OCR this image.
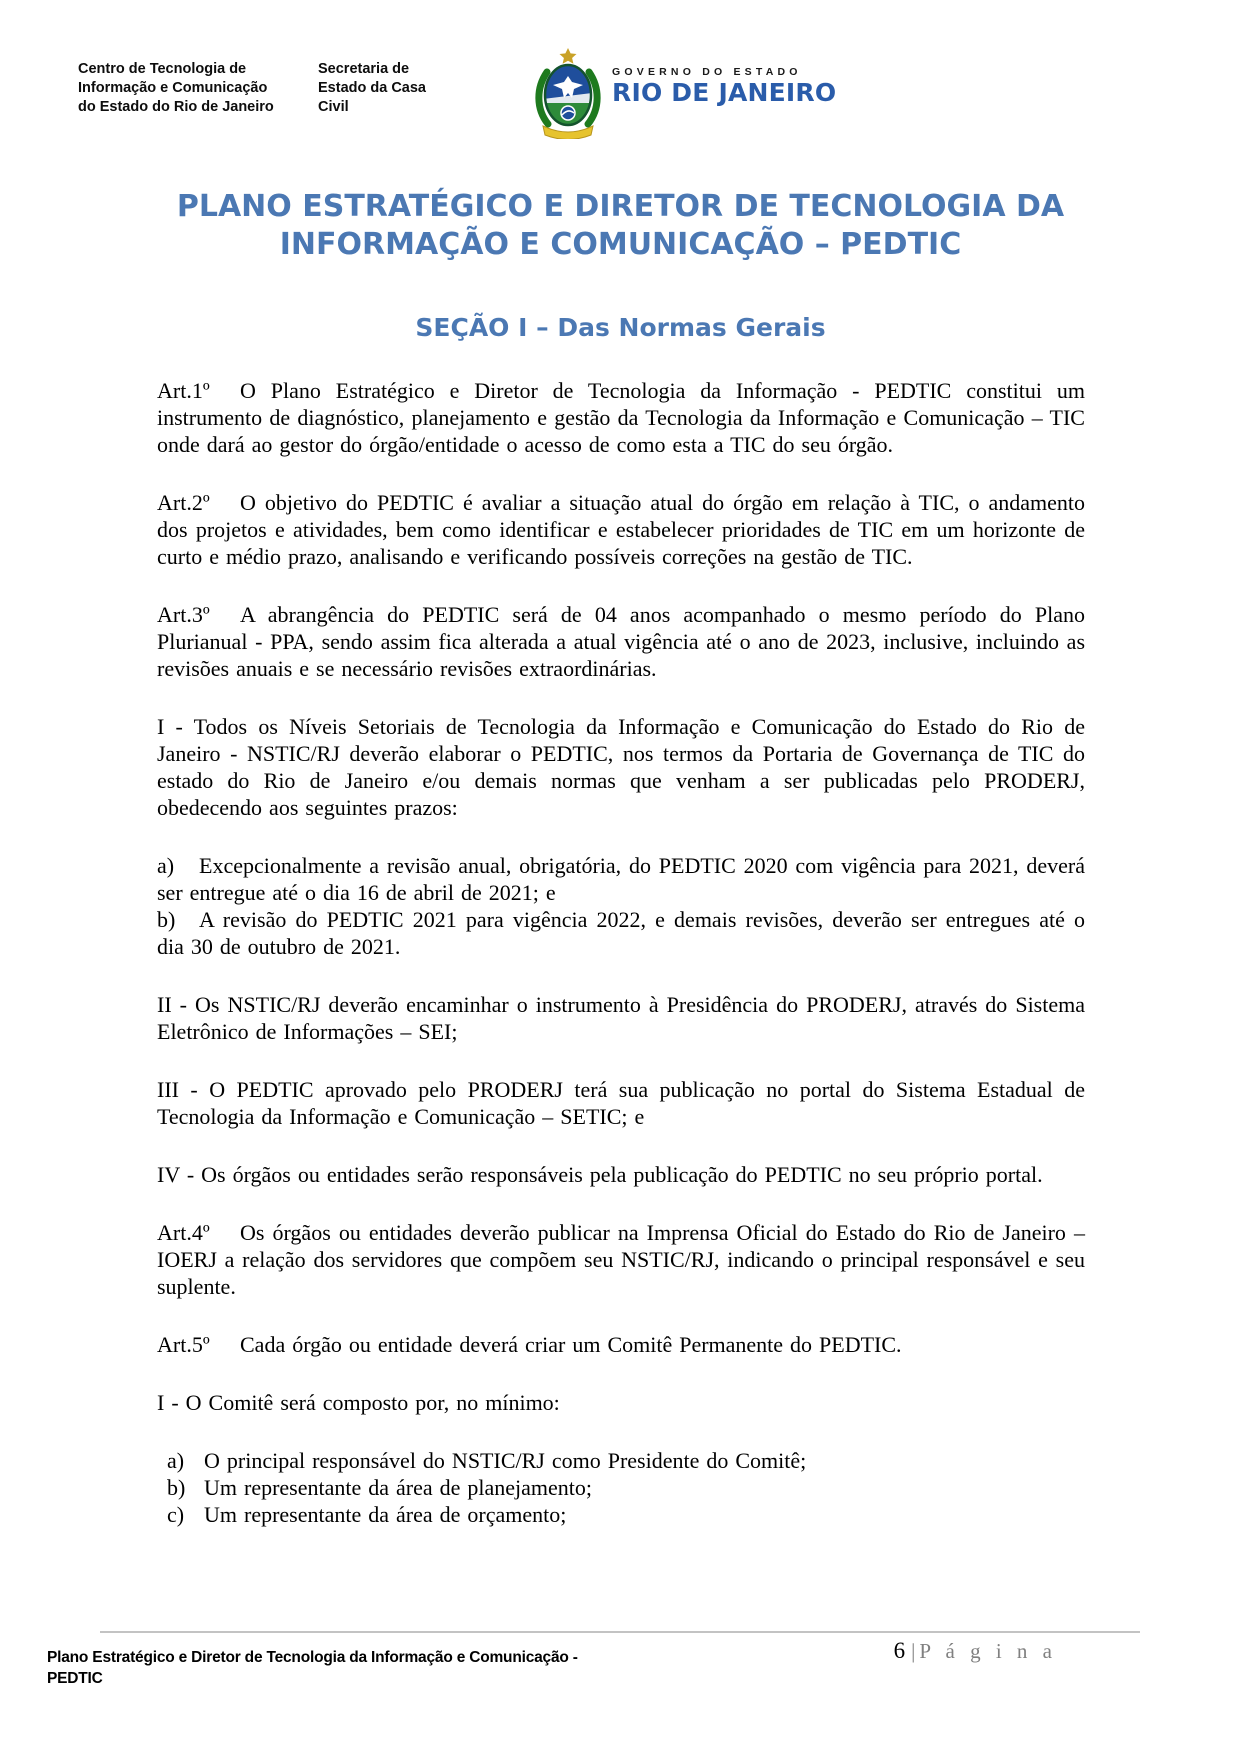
Centro de Tecnologia de
Informação e Comunicação
do Estado do Rio de Janeiro
Secretaria de
Estado da Casa
Civil
GOVERNO DO ESTADO
RIO DE JANEIRO
PLANO ESTRATÉGICO E DIRETOR DE TECNOLOGIA DA INFORMAÇÃO E COMUNICAÇÃO – PEDTIC
SEÇÃO I – Das Normas Gerais

Art.1º O Plano Estratégico e Diretor de Tecnologia da Informação - PEDTIC constitui um instrumento de diagnóstico, planejamento e gestão da Tecnologia da Informação e Comunicação – TIC onde dará ao gestor do órgão/entidade o acesso de como esta a TIC do seu órgão.

Art.2º O objetivo do PEDTIC é avaliar a situação atual do órgão em relação à TIC, o andamento dos projetos e atividades, bem como identificar e estabelecer prioridades de TIC em um horizonte de curto e médio prazo, analisando e verificando possíveis correções na gestão de TIC.

Art.3º A abrangência do PEDTIC será de 04 anos acompanhado o mesmo período do Plano Plurianual - PPA, sendo assim fica alterada a atual vigência até o ano de 2023, inclusive, incluindo as revisões anuais e se necessário revisões extraordinárias.

I - Todos os Níveis Setoriais de Tecnologia da Informação e Comunicação do Estado do Rio de Janeiro - NSTIC/RJ deverão elaborar o PEDTIC, nos termos da Portaria de Governança de TIC do estado do Rio de Janeiro e/ou demais normas que venham a ser publicadas pelo PRODERJ, obedecendo aos seguintes prazos:

a) Excepcionalmente a revisão anual, obrigatória, do PEDTIC 2020 com vigência para 2021, deverá ser entregue até o dia 16 de abril de 2021; e

b) A revisão do PEDTIC 2021 para vigência 2022, e demais revisões, deverão ser entregues até o dia 30 de outubro de 2021.

II - Os NSTIC/RJ deverão encaminhar o instrumento à Presidência do PRODERJ, através do Sistema Eletrônico de Informações – SEI;

III - O PEDTIC aprovado pelo PRODERJ terá sua publicação no portal do Sistema Estadual de Tecnologia da Informação e Comunicação – SETIC; e

IV - Os órgãos ou entidades serão responsáveis pela publicação do PEDTIC no seu próprio portal.

Art.4º Os órgãos ou entidades deverão publicar na Imprensa Oficial do Estado do Rio de Janeiro – IOERJ a relação dos servidores que compõem seu NSTIC/RJ, indicando o principal responsável e seu suplente.

Art.5º Cada órgão ou entidade deverá criar um Comitê Permanente do PEDTIC.

I - O Comitê será composto por, no mínimo:

a) O principal responsável do NSTIC/RJ como Presidente do Comitê;

b) Um representante da área de planejamento;

c) Um representante da área de orçamento;

Plano Estratégico e Diretor de Tecnologia da Informação e Comunicação -
PEDTIC
6 | P á g i n a
